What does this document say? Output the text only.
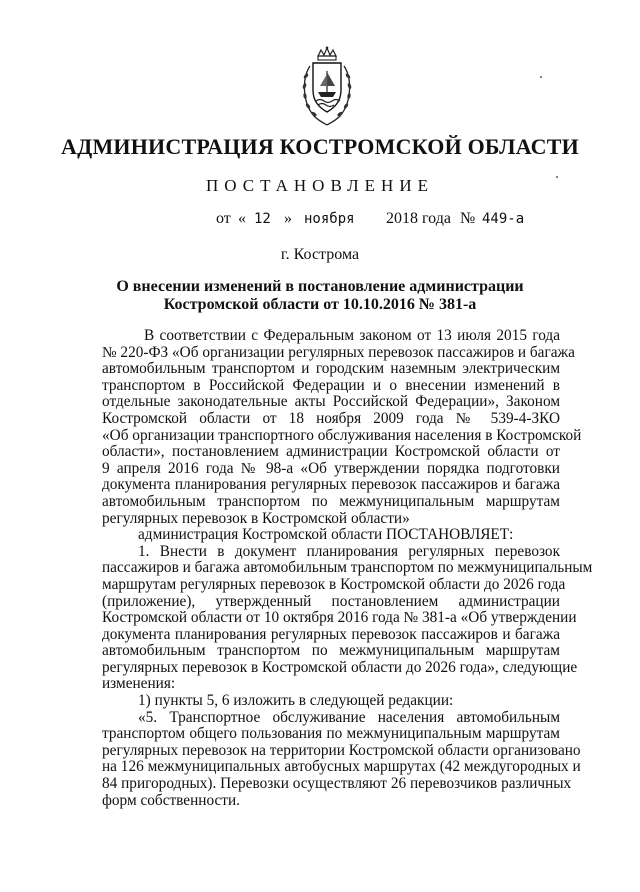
АДМИНИСТРАЦИЯ КОСТРОМСКОЙ ОБЛАСТИ
ПОСТАНОВЛЕНИЕ
от « 12 » ноября 2018 года № 449-а
г. Кострома
О внесении изменений в постановление администрации
Костромской области от 10.10.2016 № 381-а
В соответствии с Федеральным законом от 13 июля 2015 года
№ 220-ФЗ «Об организации регулярных перевозок пассажиров и багажа
автомобильным транспортом и городским наземным электрическим
транспортом в Российской Федерации и о внесении изменений в
отдельные законодательные акты Российской Федерации», Законом
Костромской области от 18 ноября 2009 года № 539-4-ЗКО
«Об организации транспортного обслуживания населения в Костромской
области», постановлением администрации Костромской области от
9 апреля 2016 года № 98-а «Об утверждении порядка подготовки
документа планирования регулярных перевозок пассажиров и багажа
автомобильным транспортом по межмуниципальным маршрутам
регулярных перевозок в Костромской области»
администрация Костромской области ПОСТАНОВЛЯЕТ:
1. Внести в документ планирования регулярных перевозок
пассажиров и багажа автомобильным транспортом по межмуниципальным
маршрутам регулярных перевозок в Костромской области до 2026 года
(приложение), утвержденный постановлением администрации
Костромской области от 10 октября 2016 года № 381-а «Об утверждении
документа планирования регулярных перевозок пассажиров и багажа
автомобильным транспортом по межмуниципальным маршрутам
регулярных перевозок в Костромской области до 2026 года», следующие
изменения:
1) пункты 5, 6 изложить в следующей редакции:
«5. Транспортное обслуживание населения автомобильным
транспортом общего пользования по межмуниципальным маршрутам
регулярных перевозок на территории Костромской области организовано
на 126 межмуниципальных автобусных маршрутах (42 междугородных и
84 пригородных). Перевозки осуществляют 26 перевозчиков различных
форм собственности.
